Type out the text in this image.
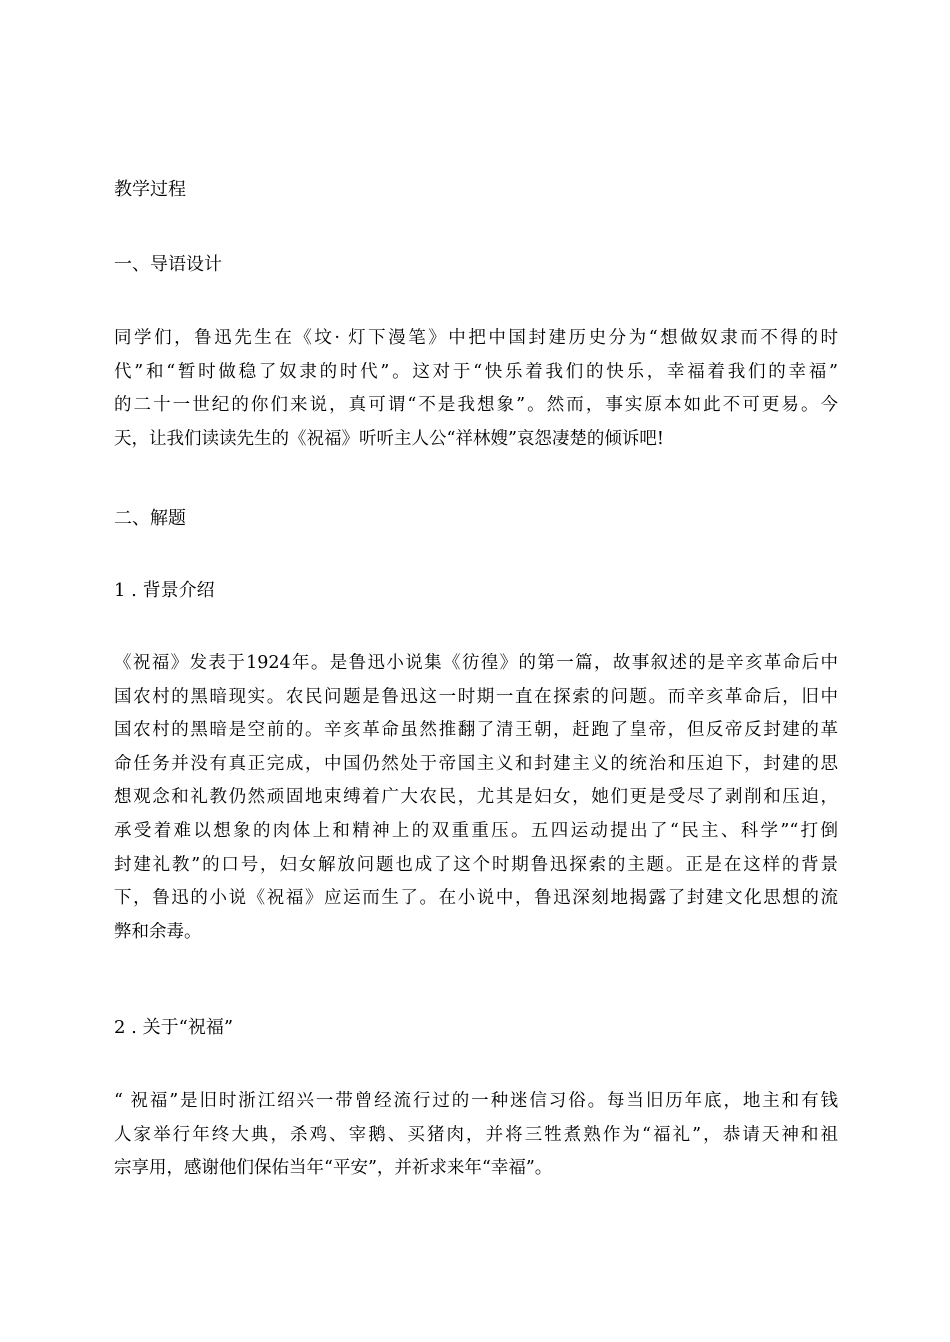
教学过程
一、导语设计
同学们，鲁迅先生在《坟· 灯下漫笔》中把中国封建历史分为“想做奴隶而不得的时
代”和“暂时做稳了奴隶的时代”。这对于“快乐着我们的快乐，幸福着我们的幸福”
的二十一世纪的你们来说，真可谓“不是我想象”。然而，事实原本如此不可更易。今
天，让我们读读先生的《祝福》听听主人公“祥林嫂”哀怨凄楚的倾诉吧!
二、解题
1 . 背景介绍
《祝福》发表于1924年。是鲁迅小说集《彷徨》的第一篇，故事叙述的是辛亥革命后中
国农村的黑暗现实。农民问题是鲁迅这一时期一直在探索的问题。而辛亥革命后，旧中
国农村的黑暗是空前的。辛亥革命虽然推翻了清王朝，赶跑了皇帝，但反帝反封建的革
命任务并没有真正完成，中国仍然处于帝国主义和封建主义的统治和压迫下，封建的思
想观念和礼教仍然顽固地束缚着广大农民，尤其是妇女，她们更是受尽了剥削和压迫，
承受着难以想象的肉体上和精神上的双重重压。五四运动提出了“民主、科学”“打倒
封建礼教”的口号，妇女解放问题也成了这个时期鲁迅探索的主题。正是在这样的背景
下，鲁迅的小说《祝福》应运而生了。在小说中，鲁迅深刻地揭露了封建文化思想的流
弊和余毒。
2 . 关于“祝福”
“ 祝福”是旧时浙江绍兴一带曾经流行过的一种迷信习俗。每当旧历年底，地主和有钱
人家举行年终大典，杀鸡、宰鹅、买猪肉，并将三牲煮熟作为“福礼”，恭请天神和祖
宗享用，感谢他们保佑当年“平安”，并祈求来年“幸福”。
